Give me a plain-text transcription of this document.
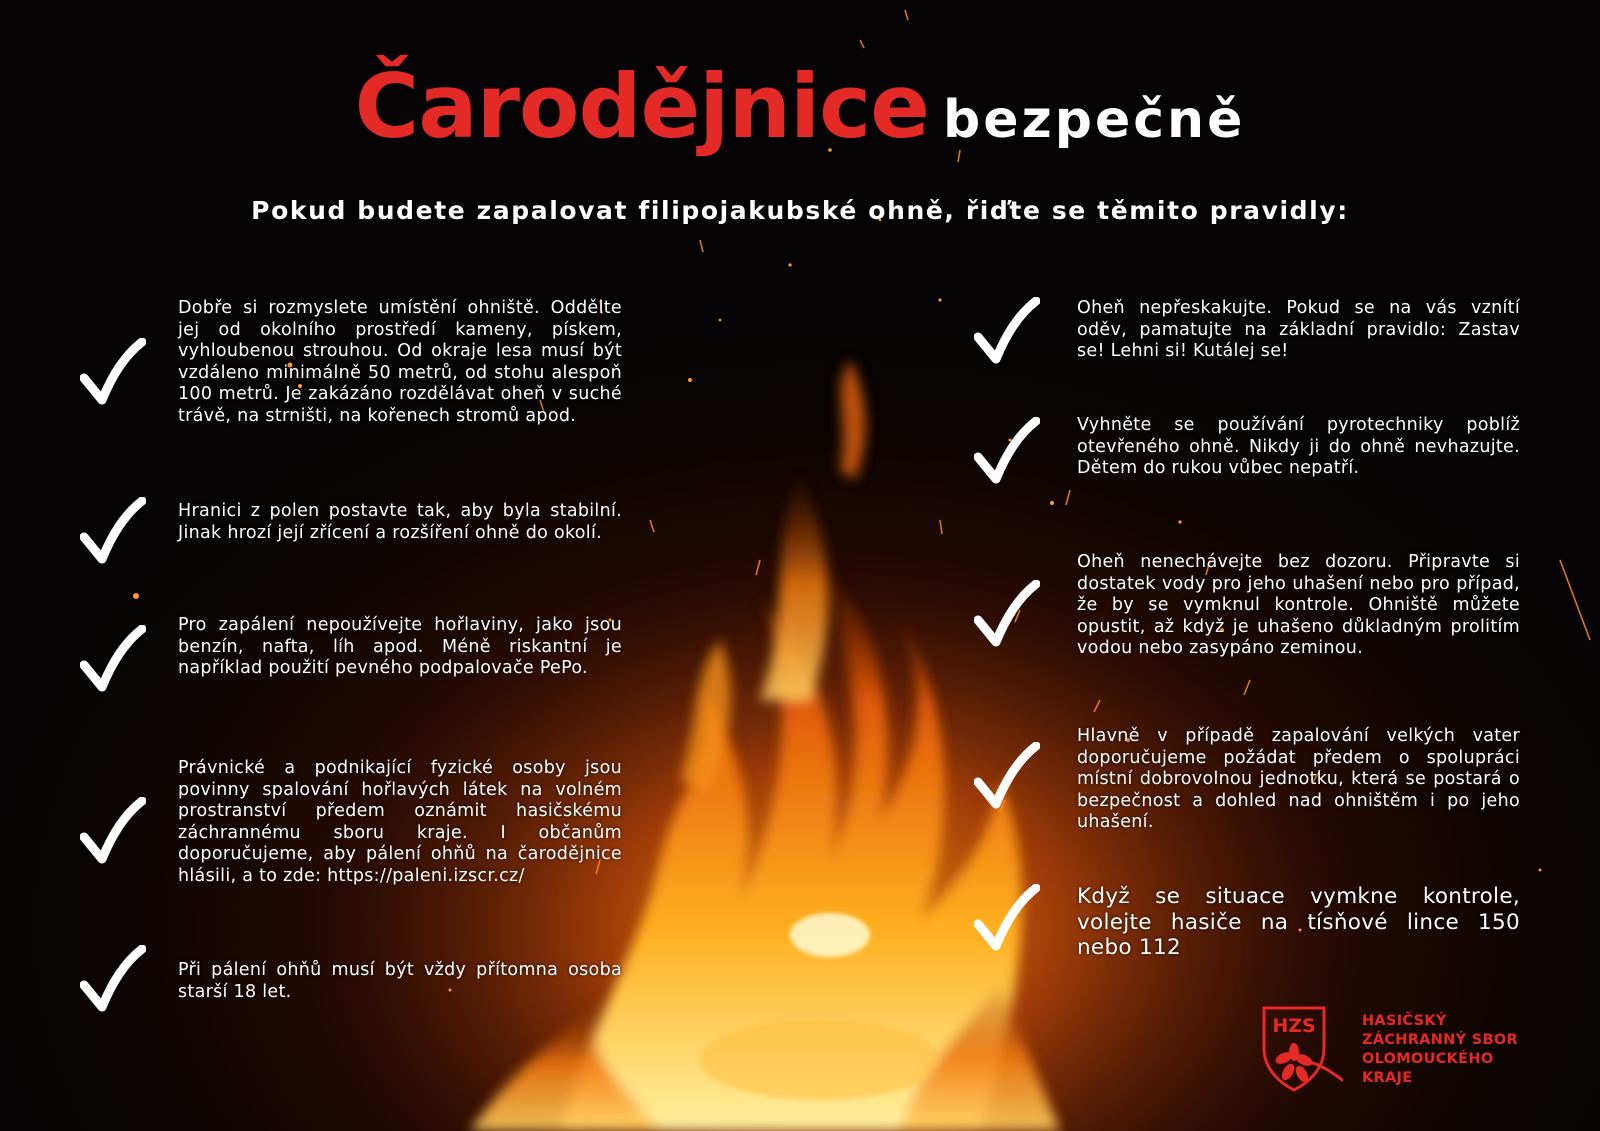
Čarodějnice bezpečně
Pokud budete zapalovat filipojakubské ohně, řiďte se těmito pravidly:
Dobře si rozmyslete umístění ohniště. Oddělte jej od okolního prostředí kameny, pískem, vyhloubenou strouhou. Od okraje lesa musí být vzdáleno minimálně 50 metrů, od stohu alespoň 100 metrů. Je zakázáno rozdělávat oheň v suché trávě, na strništi, na kořenech stromů apod.
Hranici z polen postavte tak, aby byla stabilní. Jinak hrozí její zřícení a rozšíření ohně do okolí.
Pro zapálení nepoužívejte hořlaviny, jako jsou benzín, nafta, líh apod. Méně riskantní je například použití pevného podpalovače PePo.
Právnické a podnikající fyzické osoby jsou povinny spalování hořlavých látek na volném prostranství předem oznámit hasičskému záchrannému sboru kraje. I občanům doporučujeme, aby pálení ohňů na čarodějnice hlásili, a to zde: https://paleni.izscr.cz/
Při pálení ohňů musí být vždy přítomna osoba starší 18 let.
Oheň nepřeskakujte. Pokud se na vás vznítí oděv, pamatujte na základní pravidlo: Zastav se! Lehni si! Kutálej se!
Vyhněte se používání pyrotechniky poblíž otevřeného ohně. Nikdy ji do ohně nevhazujte. Dětem do rukou vůbec nepatří.
Oheň nenechávejte bez dozoru. Připravte si dostatek vody pro jeho uhašení nebo pro případ, že by se vymknul kontrole. Ohniště můžete opustit, až když je uhašeno důkladným prolitím vodou nebo zasypáno zeminou.
Hlavně v případě zapalování velkých vater doporučujeme požádat předem o spolupráci místní dobrovolnou jednotku, která se postará o bezpečnost a dohled nad ohništěm i po jeho uhašení.
Když se situace vymkne kontrole, volejte hasiče na tísňové lince 150 nebo 112
HZS	HASIČSKÝ
ZÁCHRANNÝ SBOR
OLOMOUCKÉHO
KRAJE
